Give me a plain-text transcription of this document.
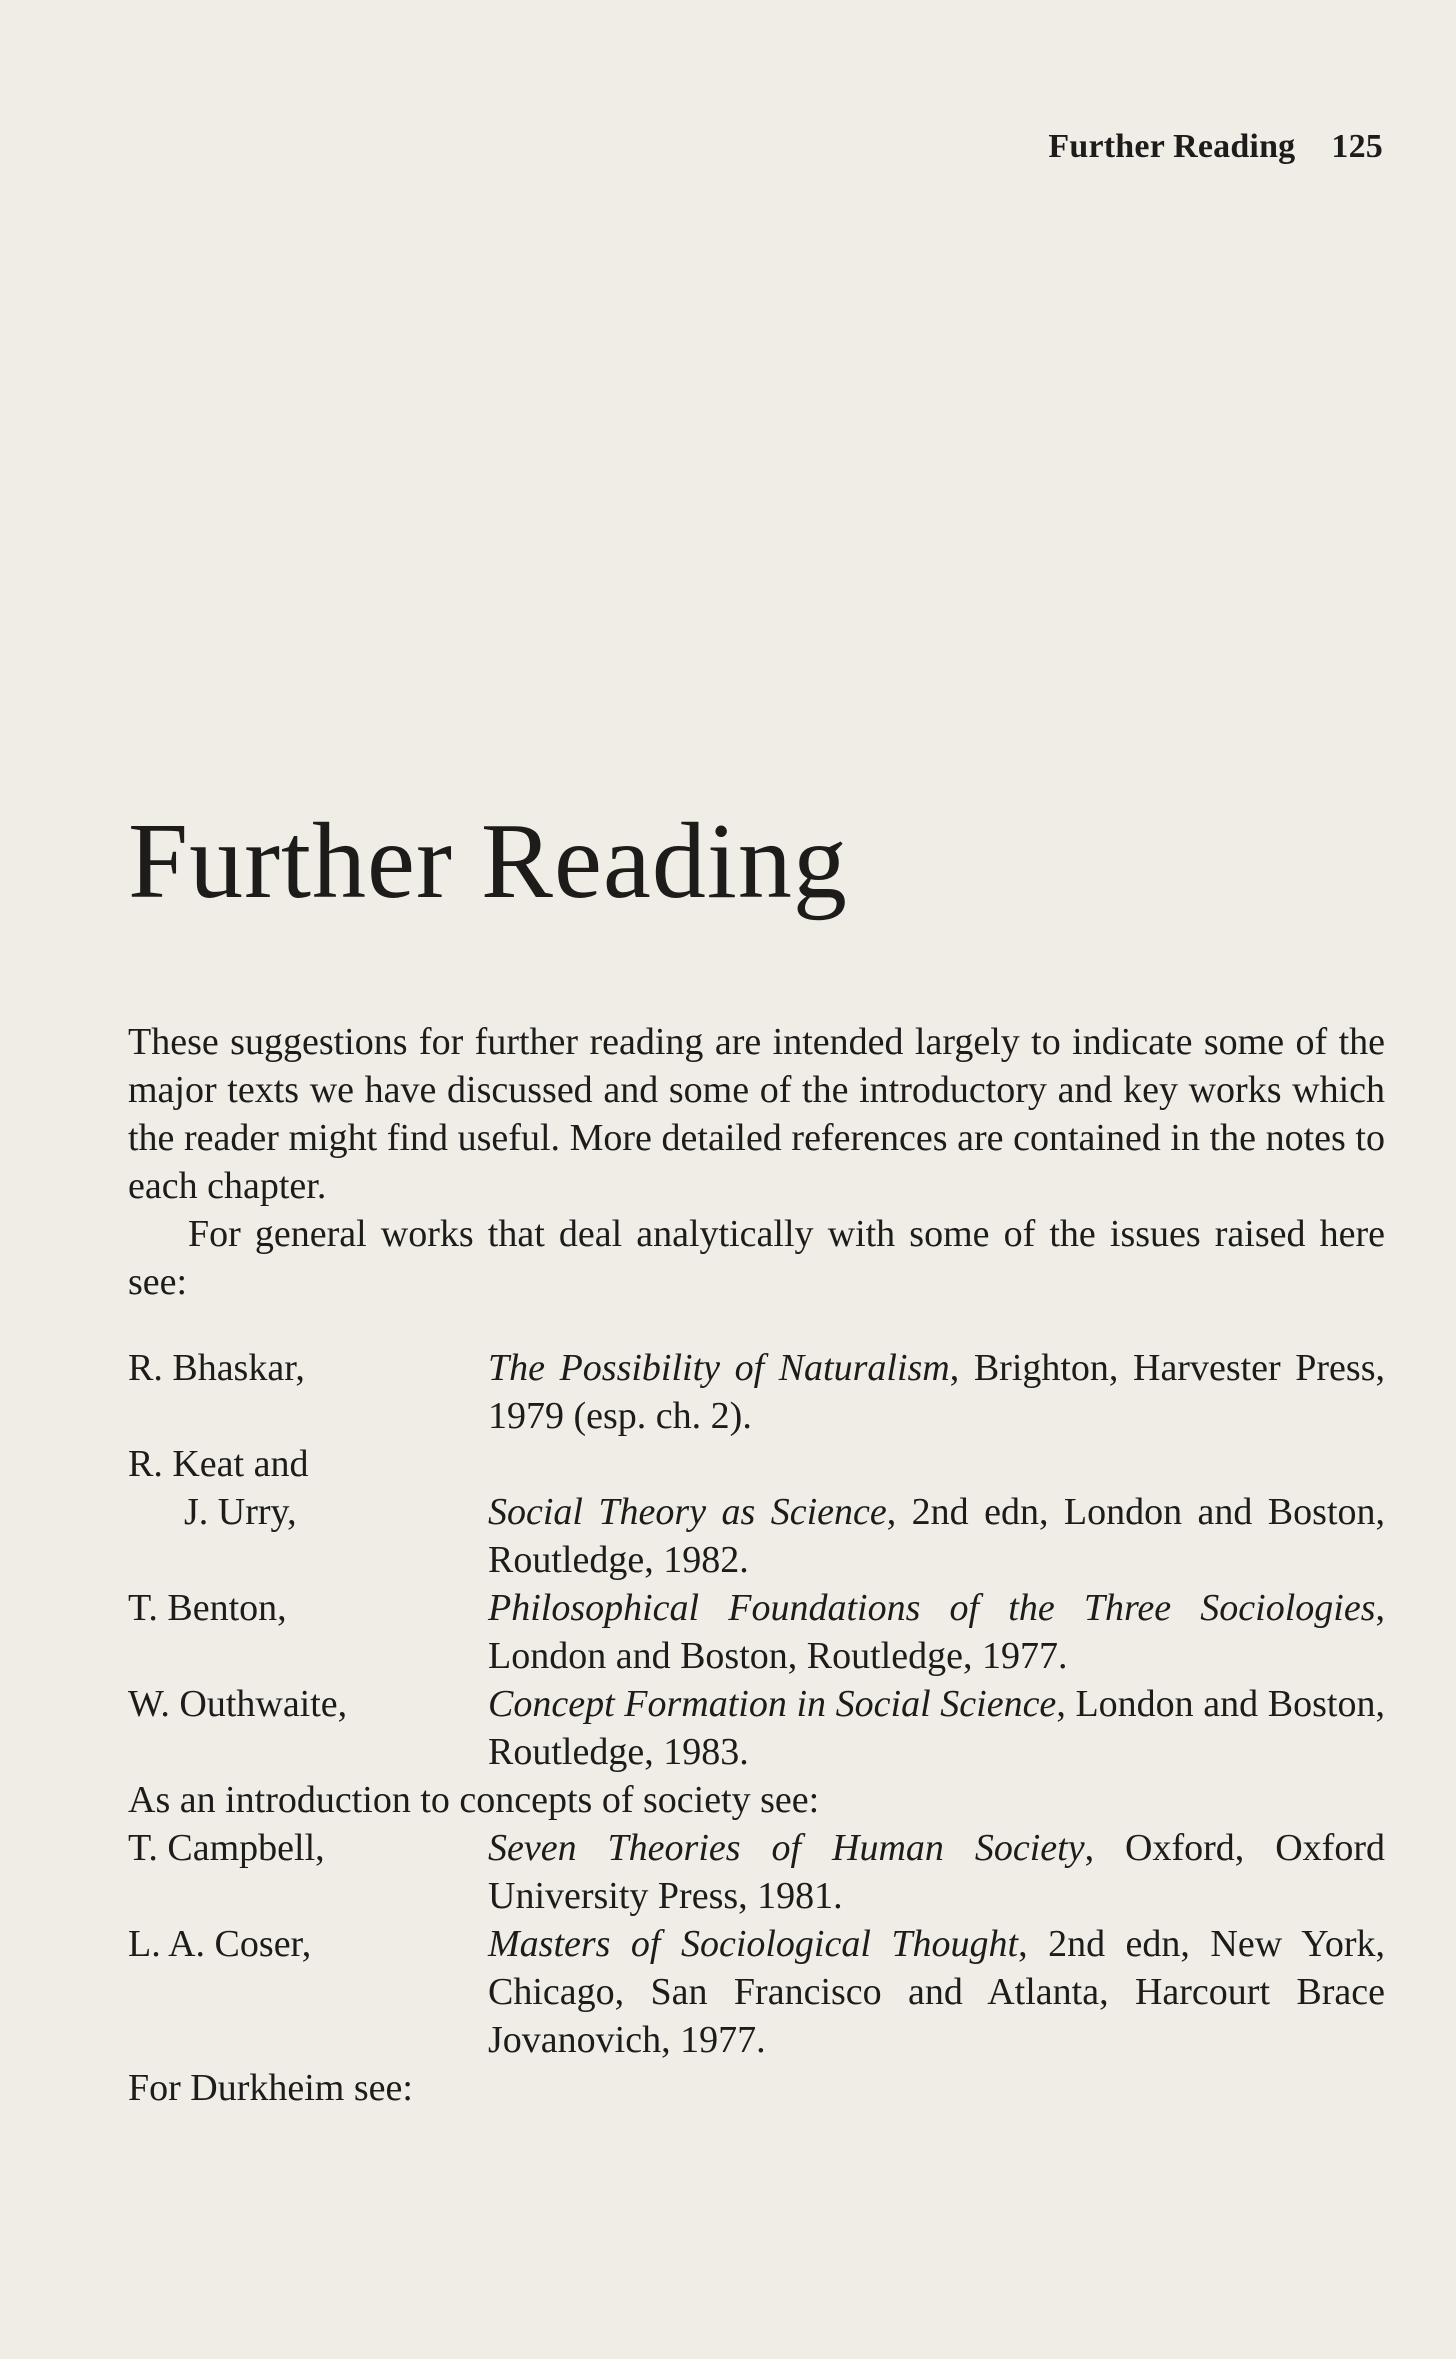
Further Reading 125
Further Reading

These suggestions for further reading are intended largely to indicate some of the major texts we have discussed and some of the introductory and key works which the reader might find useful. More detailed references are contained in the notes to each chapter.

For general works that deal analytically with some of the issues raised here see:

R. Bhaskar,	The Possibility of Naturalism, Brighton, Harvester Press, 1979 (esp. ch. 2).
R. Keat and
J. Urry,	Social Theory as Science, 2nd edn, London and Boston, Routledge, 1982.
T. Benton,	Philosophical Foundations of the Three Sociologies, London and Boston, Routledge, 1977.
W. Outhwaite,	Concept Formation in Social Science, London and Boston, Routledge, 1983.

As an introduction to concepts of society see:

T. Campbell,	Seven Theories of Human Society, Oxford, Oxford University Press, 1981.
L. A. Coser,	Masters of Sociological Thought, 2nd edn, New York, Chicago, San Francisco and Atlanta, Harcourt Brace Jovanovich, 1977.

For Durkheim see:
